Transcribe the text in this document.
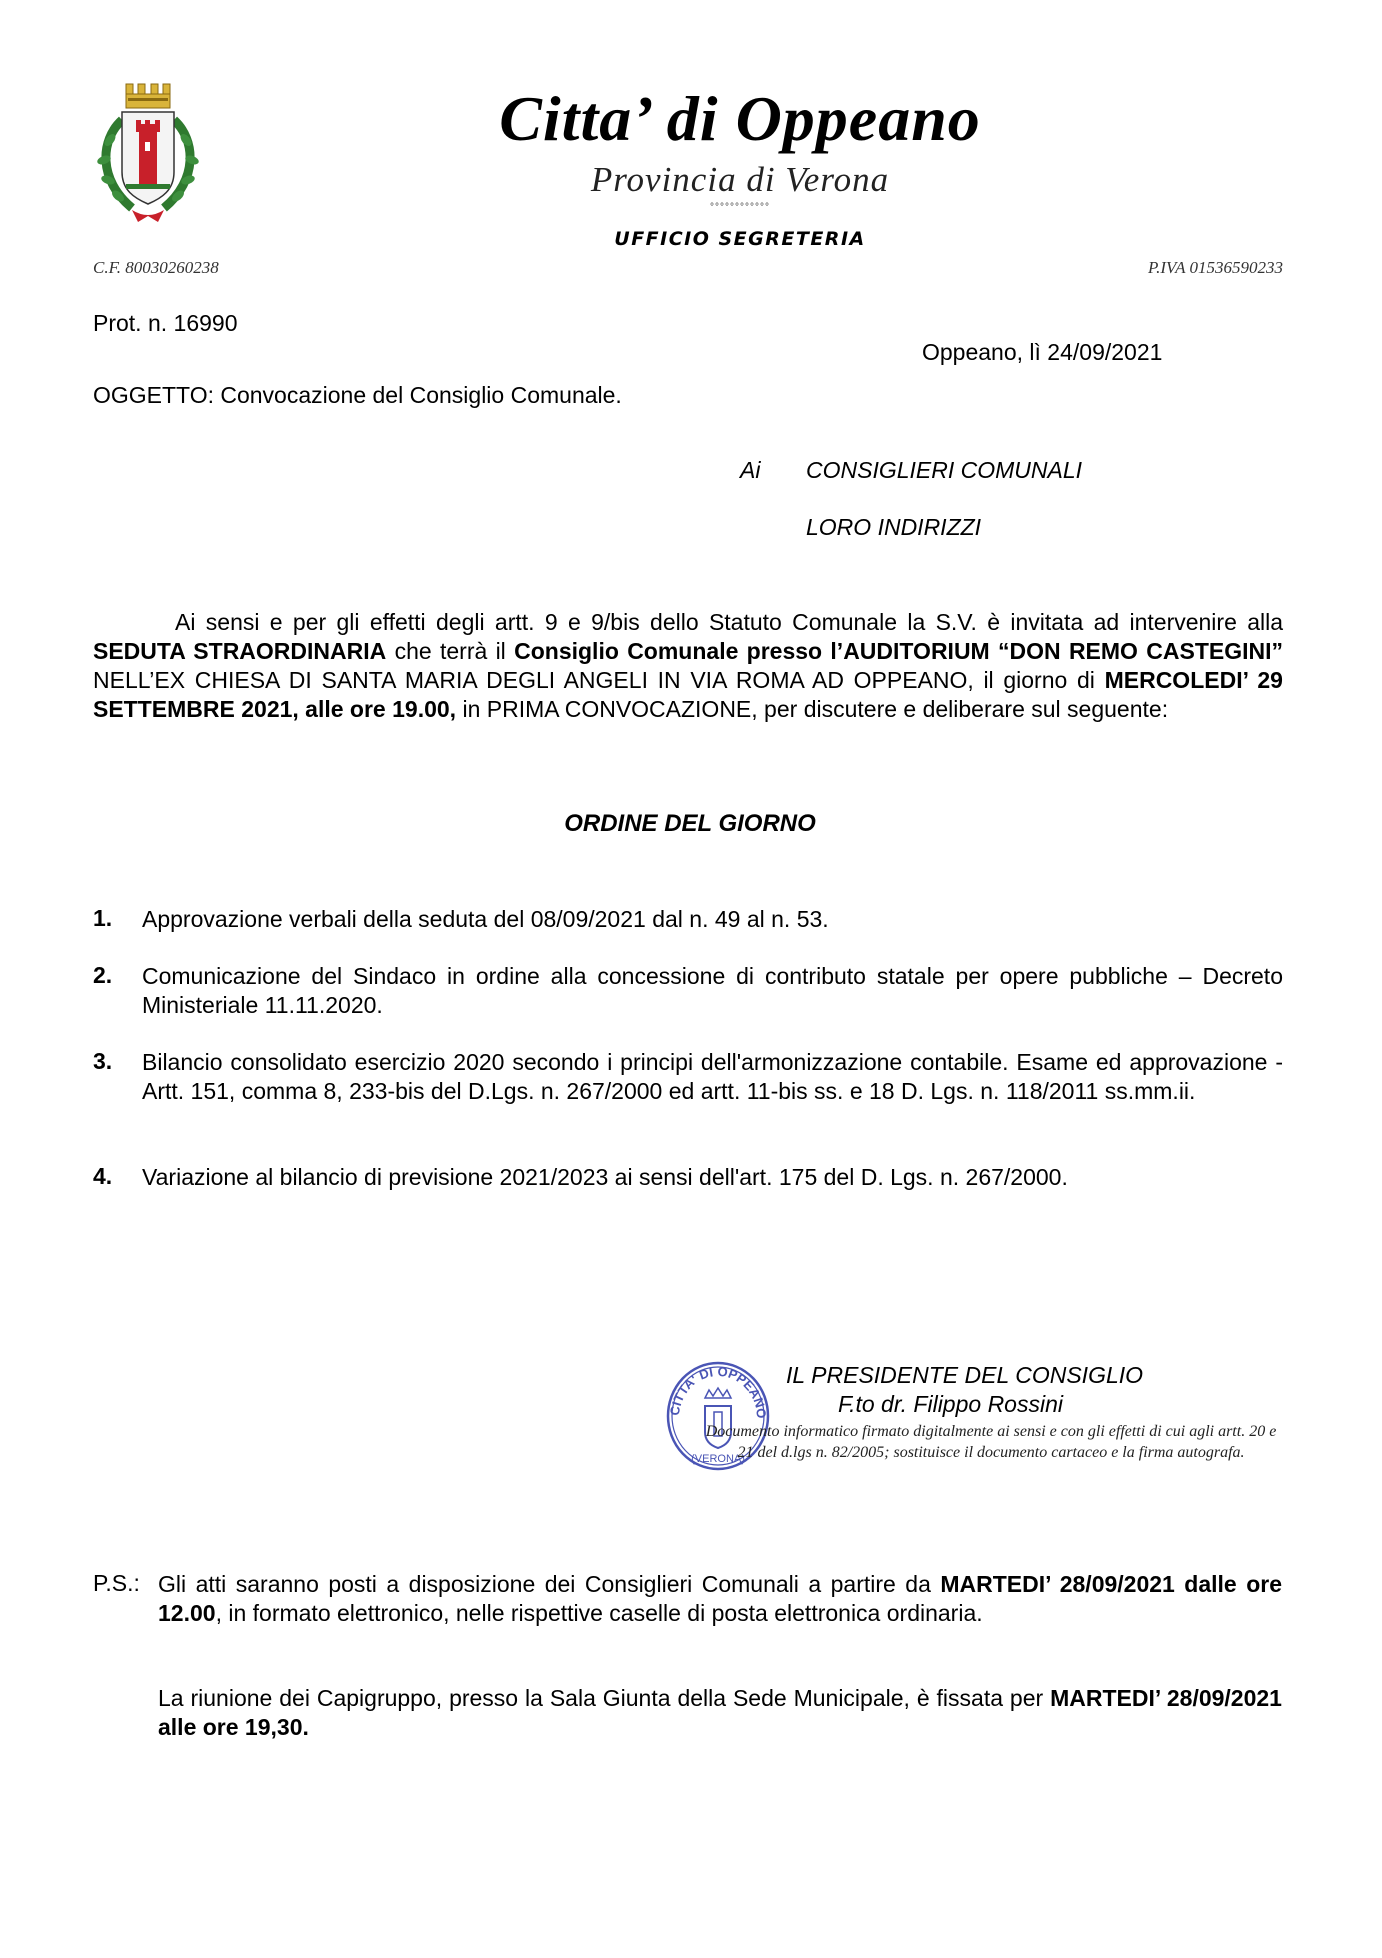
Citta’ di Oppeano
Provincia di Verona
°°°°°°°°°°°°
UFFICIO SEGRETERIA
C.F. 80030260238	P.IVA 01536590233
Prot. n. 16990
Oppeano, lì 24/09/2021
OGGETTO: Convocazione del Consiglio Comunale.
Ai CONSIGLIERI COMUNALI
LORO INDIRIZZI

Ai sensi e per gli effetti degli artt. 9 e 9/bis dello Statuto Comunale la S.V. è invitata ad intervenire alla SEDUTA STRAORDINARIA che terrà il Consiglio Comunale presso l’AUDITORIUM “DON REMO CASTEGINI” NELL’EX CHIESA DI SANTA MARIA DEGLI ANGELI IN VIA ROMA AD OPPEANO, il giorno di MERCOLEDI’ 29 SETTEMBRE 2021, alle ore 19.00, in PRIMA CONVOCAZIONE, per discutere e deliberare sul seguente:

ORDINE DEL GIORNO
1. Approvazione verbali della seduta del 08/09/2021 dal n. 49 al n. 53.
2. Comunicazione del Sindaco in ordine alla concessione di contributo statale per opere pubbliche – Decreto Ministeriale 11.11.2020.
3. Bilancio consolidato esercizio 2020 secondo i principi dell'armonizzazione contabile. Esame ed approvazione - Artt. 151, comma 8, 233-bis del D.Lgs. n. 267/2000 ed artt. 11-bis ss. e 18 D. Lgs. n. 118/2011 ss.mm.ii.
4. Variazione al bilancio di previsione 2021/2023 ai sensi dell'art. 175 del D. Lgs. n. 267/2000.
CITTA' DI OPPEANO
(VERONA)
IL PRESIDENTE DEL CONSIGLIO
F.to dr. Filippo Rossini
Documento informatico firmato digitalmente ai sensi e con gli effetti di cui agli artt. 20 e 21 del d.lgs n. 82/2005; sostituisce il documento cartaceo e la firma autografa.
P.S.: Gli atti saranno posti a disposizione dei Consiglieri Comunali a partire da MARTEDI’ 28/09/2021 dalle ore 12.00, in formato elettronico, nelle rispettive caselle di posta elettronica ordinaria.
La riunione dei Capigruppo, presso la Sala Giunta della Sede Municipale, è fissata per MARTEDI’ 28/09/2021 alle ore 19,30.
